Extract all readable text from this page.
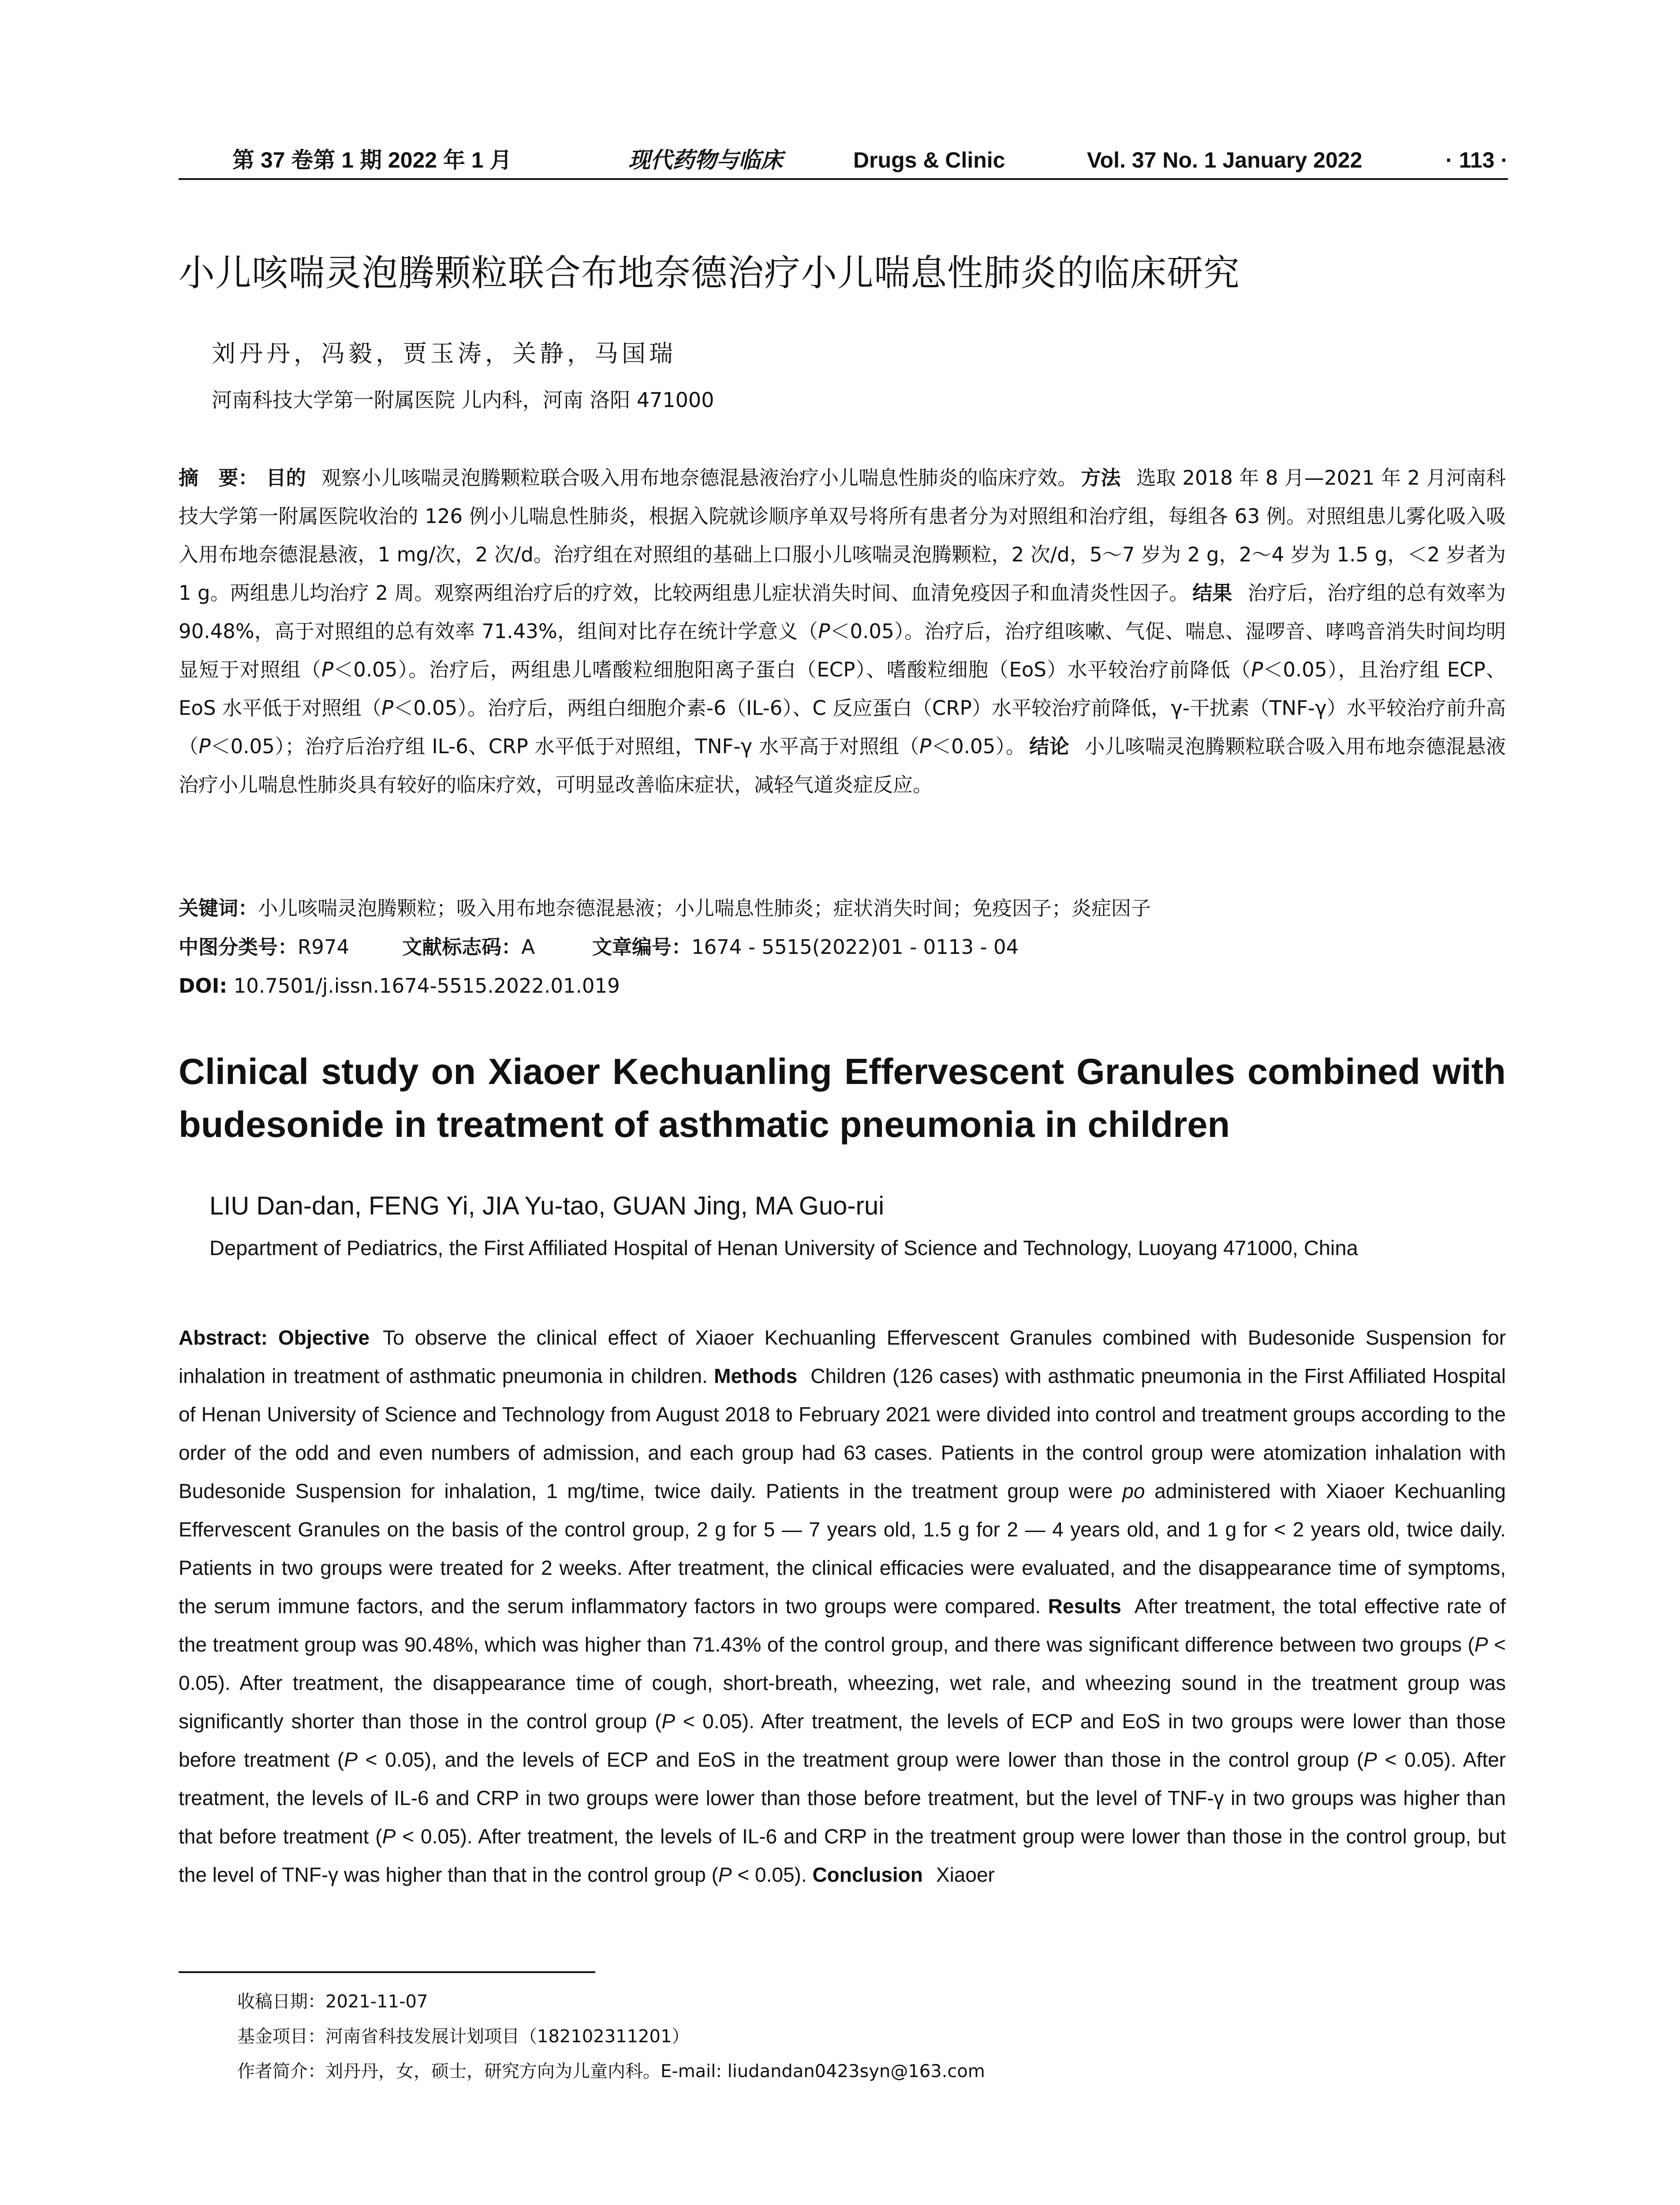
第 37 卷第 1 期 2022 年 1 月	现代药物与临床	Drugs & Clinic	Vol. 37 No. 1 January 2022	· 113 ·
小儿咳喘灵泡腾颗粒联合布地奈德治疗小儿喘息性肺炎的临床研究
刘丹丹，冯毅，贾玉涛，关静，马国瑞
河南科技大学第一附属医院 儿内科，河南 洛阳 471000
摘　要： 目的 观察小儿咳喘灵泡腾颗粒联合吸入用布地奈德混悬液治疗小儿喘息性肺炎的临床疗效。 方法 选取 2018 年 8 月—2021 年 2 月河南科技大学第一附属医院收治的 126 例小儿喘息性肺炎，根据入院就诊顺序单双号将所有患者分为对照组和治疗组，每组各 63 例。对照组患儿雾化吸入吸入用布地奈德混悬液，1 mg/次，2 次/d。治疗组在对照组的基础上口服小儿咳喘灵泡腾颗粒，2 次/d，5～7 岁为 2 g，2～4 岁为 1.5 g，＜2 岁者为 1 g。两组患儿均治疗 2 周。观察两组治疗后的疗效，比较两组患儿症状消失时间、血清免疫因子和血清炎性因子。 结果 治疗后，治疗组的总有效率为 90.48%，高于对照组的总有效率 71.43%，组间对比存在统计学意义（P＜0.05）。治疗后，治疗组咳嗽、气促、喘息、湿啰音、哮鸣音消失时间均明显短于对照组（P＜0.05）。治疗后，两组患儿嗜酸粒细胞阳离子蛋白（ECP）、嗜酸粒细胞（EoS）水平较治疗前降低（P＜0.05），且治疗组 ECP、EoS 水平低于对照组（P＜0.05）。治疗后，两组白细胞介素-6（IL-6）、C 反应蛋白（CRP）水平较治疗前降低，γ-干扰素（TNF-γ）水平较治疗前升高（P＜0.05）；治疗后治疗组 IL-6、CRP 水平低于对照组，TNF-γ 水平高于对照组（P＜0.05）。 结论 小儿咳喘灵泡腾颗粒联合吸入用布地奈德混悬液治疗小儿喘息性肺炎具有较好的临床疗效，可明显改善临床症状，减轻气道炎症反应。
关键词：小儿咳喘灵泡腾颗粒；吸入用布地奈德混悬液；小儿喘息性肺炎；症状消失时间；免疫因子；炎症因子
中图分类号：R974	文献标志码：A	文章编号：1674 - 5515(2022)01 - 0113 - 04
DOI: 10.7501/j.issn.1674-5515.2022.01.019
Clinical study on Xiaoer Kechuanling Effervescent Granules combined with budesonide in treatment of asthmatic pneumonia in children
LIU Dan-dan, FENG Yi, JIA Yu-tao, GUAN Jing, MA Guo-rui
Department of Pediatrics, the First Affiliated Hospital of Henan University of Science and Technology, Luoyang 471000, China
Abstract: Objective To observe the clinical effect of Xiaoer Kechuanling Effervescent Granules combined with Budesonide Suspension for inhalation in treatment of asthmatic pneumonia in children. Methods Children (126 cases) with asthmatic pneumonia in the First Affiliated Hospital of Henan University of Science and Technology from August 2018 to February 2021 were divided into control and treatment groups according to the order of the odd and even numbers of admission, and each group had 63 cases. Patients in the control group were atomization inhalation with Budesonide Suspension for inhalation, 1 mg/time, twice daily. Patients in the treatment group were po administered with Xiaoer Kechuanling Effervescent Granules on the basis of the control group, 2 g for 5 — 7 years old, 1.5 g for 2 — 4 years old, and 1 g for < 2 years old, twice daily. Patients in two groups were treated for 2 weeks. After treatment, the clinical efficacies were evaluated, and the disappearance time of symptoms, the serum immune factors, and the serum inflammatory factors in two groups were compared. Results After treatment, the total effective rate of the treatment group was 90.48%, which was higher than 71.43% of the control group, and there was significant difference between two groups (P < 0.05). After treatment, the disappearance time of cough, short-breath, wheezing, wet rale, and wheezing sound in the treatment group was significantly shorter than those in the control group (P < 0.05). After treatment, the levels of ECP and EoS in two groups were lower than those before treatment (P < 0.05), and the levels of ECP and EoS in the treatment group were lower than those in the control group (P < 0.05). After treatment, the levels of IL-6 and CRP in two groups were lower than those before treatment, but the level of TNF-γ in two groups was higher than that before treatment (P < 0.05). After treatment, the levels of IL-6 and CRP in the treatment group were lower than those in the control group, but the level of TNF-γ was higher than that in the control group (P < 0.05). Conclusion Xiaoer
收稿日期：2021-11-07
基金项目：河南省科技发展计划项目（182102311201）
作者简介：刘丹丹，女，硕士，研究方向为儿童内科。E-mail: liudandan0423syn@163.com
